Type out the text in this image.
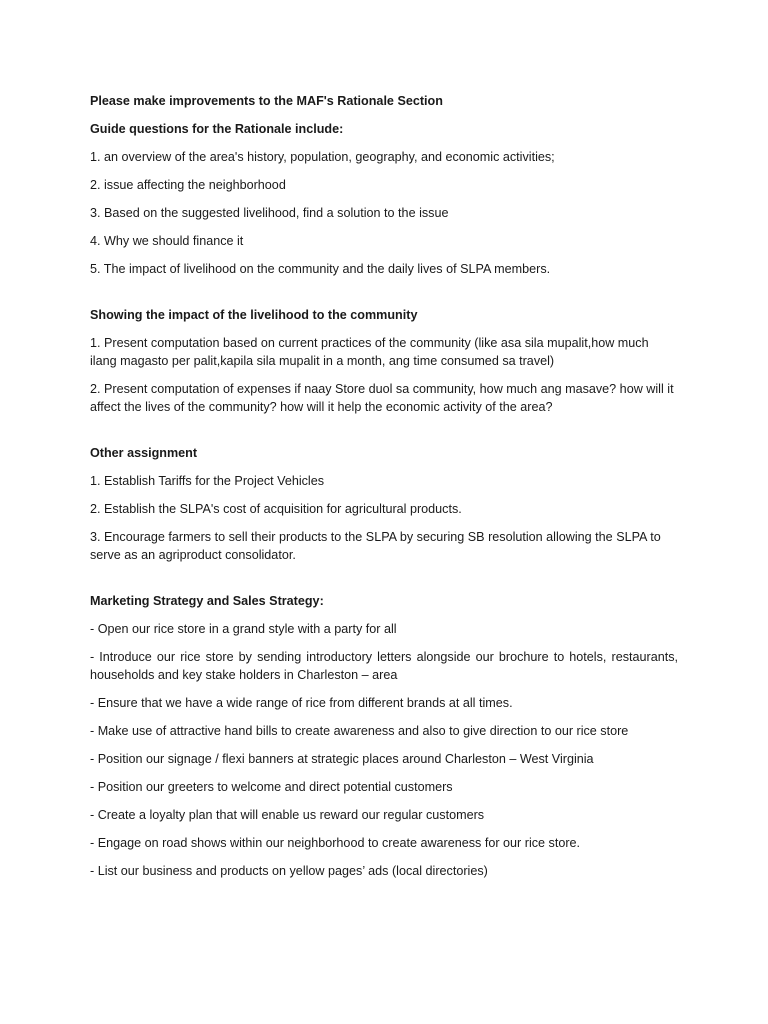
Please make improvements to the MAF's Rationale Section
Guide questions for the Rationale include:
1. an overview of the area's history, population, geography, and economic activities;
2. issue affecting the neighborhood
3. Based on the suggested livelihood, find a solution to the issue
4. Why we should finance it
5. The impact of livelihood on the community and the daily lives of SLPA members.
Showing the impact of the livelihood to the community
1. Present computation based on current practices of the community (like asa sila mupalit,how much ilang magasto per palit,kapila sila mupalit in a month, ang time consumed sa travel)
2. Present computation of expenses if naay Store duol sa community, how much ang masave? how will it affect the lives of the community? how will it help the economic activity of the area?
Other assignment
1. Establish Tariffs for the Project Vehicles
2. Establish the SLPA's cost of acquisition for agricultural products.
3. Encourage farmers to sell their products to the SLPA by securing SB resolution allowing the SLPA to serve as an agriproduct consolidator.
Marketing Strategy and Sales Strategy:
- Open our rice store in a grand style with a party for all
- Introduce our rice store by sending introductory letters alongside our brochure to hotels, restaurants, households and key stake holders in Charleston – area
- Ensure that we have a wide range of rice from different brands at all times.
- Make use of attractive hand bills to create awareness and also to give direction to our rice store
- Position our signage / flexi banners at strategic places around Charleston – West Virginia
- Position our greeters to welcome and direct potential customers
- Create a loyalty plan that will enable us reward our regular customers
- Engage on road shows within our neighborhood to create awareness for our rice store.
- List our business and products on yellow pages’ ads (local directories)
